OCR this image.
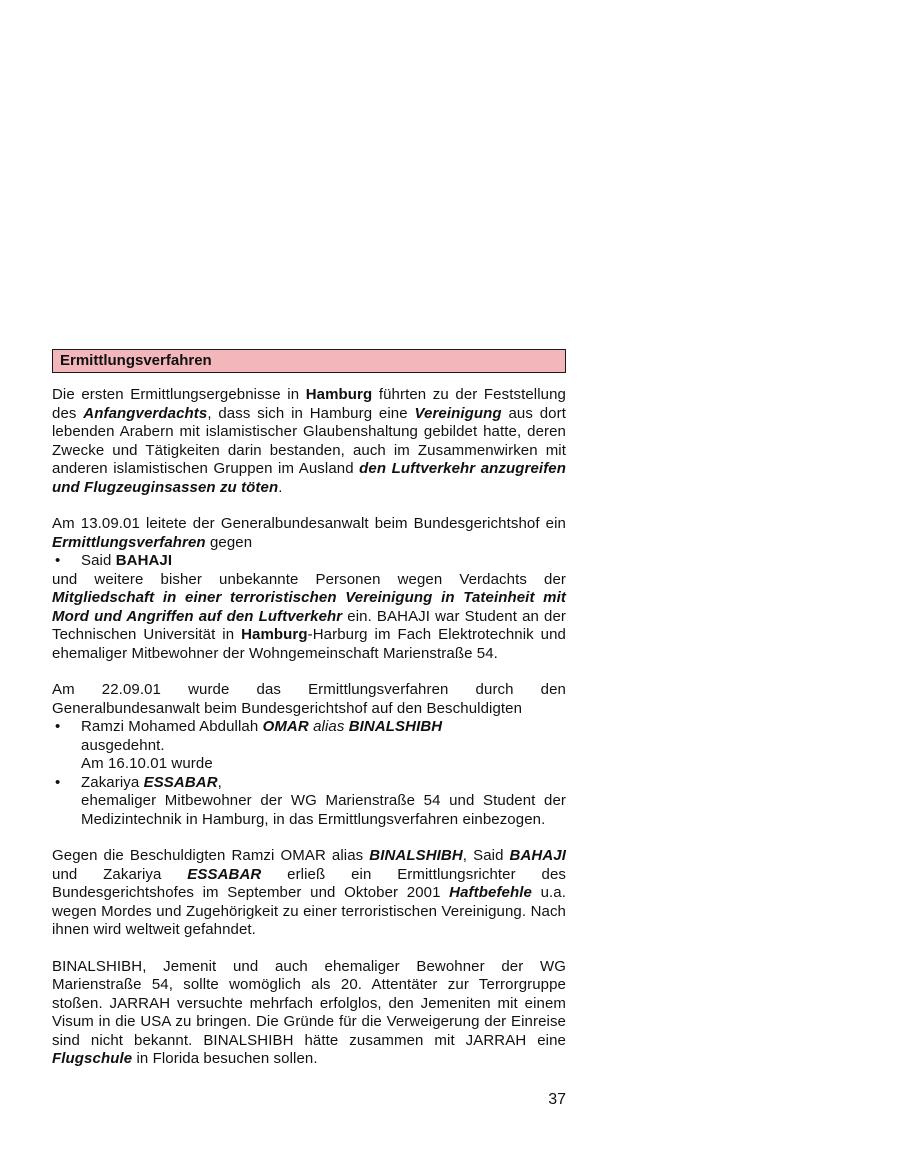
Ermittlungsverfahren
Die ersten Ermittlungsergebnisse in Hamburg führten zu der Feststellung des Anfangverdachts, dass sich in Hamburg eine Vereinigung aus dort lebenden Arabern mit islamistischer Glaubenshaltung gebildet hatte, deren Zwecke und Tätigkeiten darin bestanden, auch im Zusammenwirken mit anderen islamistischen Gruppen im Ausland den Luftverkehr anzugreifen und Flugzeuginsassen zu töten.
Am 13.09.01 leitete der Generalbundesanwalt beim Bundesgerichtshof ein Ermittlungsverfahren gegen
•	Said BAHAJI
und weitere bisher unbekannte Personen wegen Verdachts der Mitgliedschaft in einer terroristischen Vereinigung in Tateinheit mit Mord und Angriffen auf den Luftverkehr ein. BAHAJI war Student an der Technischen Universität in Hamburg-Harburg im Fach Elektrotechnik und ehemaliger Mitbewohner der Wohngemeinschaft Marienstraße 54.
Am 22.09.01 wurde das Ermittlungsverfahren durch den Generalbundesanwalt beim Bundesgerichtshof auf den Beschuldigten
•	Ramzi Mohamed Abdullah OMAR alias BINALSHIBH
ausgedehnt.
Am 16.10.01 wurde
•	Zakariya ESSABAR,
ehemaliger Mitbewohner der WG Marienstraße 54 und Student der Medizintechnik in Hamburg, in das Ermittlungsverfahren einbezogen.
Gegen die Beschuldigten Ramzi OMAR alias BINALSHIBH, Said BAHAJI und Zakariya ESSABAR erließ ein Ermittlungsrichter des Bundesgerichtshofes im September und Oktober 2001 Haftbefehle u.a. wegen Mordes und Zugehörigkeit zu einer terroristischen Vereinigung. Nach ihnen wird weltweit gefahndet.
BINALSHIBH, Jemenit und auch ehemaliger Bewohner der WG Marienstraße 54, sollte womöglich als 20. Attentäter zur Terrorgruppe stoßen. JARRAH versuchte mehrfach erfolglos, den Jemeniten mit einem Visum in die USA zu bringen. Die Gründe für die Verweigerung der Einreise sind nicht bekannt. BINALSHIBH hätte zusammen mit JARRAH eine Flugschule in Florida besuchen sollen.
37
